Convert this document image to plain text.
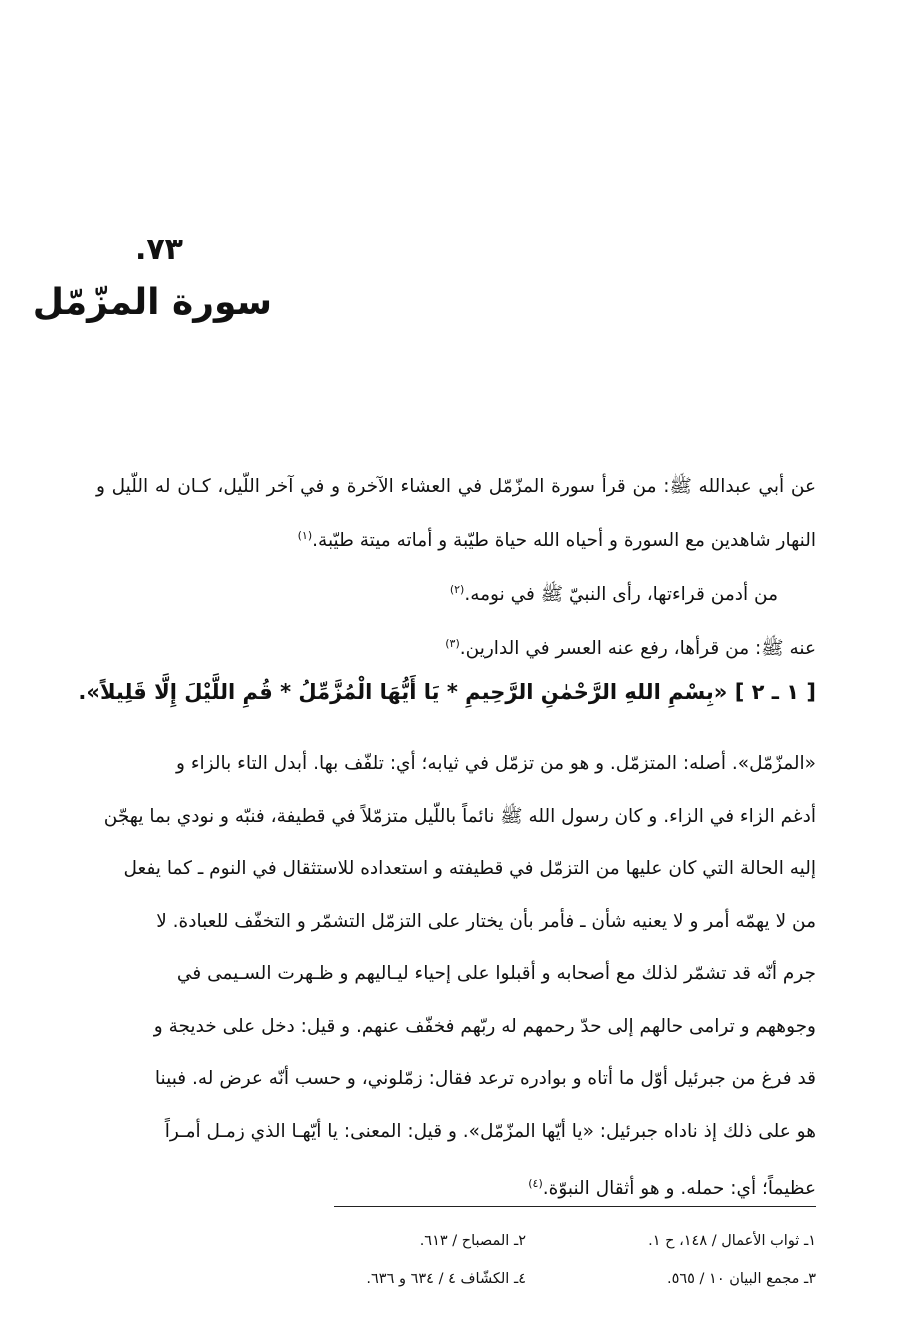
٧٣.
سورة المزّمّل

عن أبي عبدالله ﷺ: من قرأ سورة المزّمّل في العشاء الآخرة و في آخر اللّيل، كـان له اللّيل و النهار شاهدين مع السورة و أحياه الله حياة طيّبة و أماته ميتة طيّبة.$^{(١)}$

من أدمن قراءتها، رأى النبيّ ﷺ في نومه.$^{(٢)}$

عنه ﷺ: من قرأها، رفع عنه العسر في الدارين.$^{(٣)}$

[ ١ ـ ٢ ] «بِسْمِ اللهِ الرَّحْمٰنِ الرَّحِيمِ * يَا أَيُّهَا الْمُزَّمِّلُ * قُمِ اللَّيْلَ إِلَّا قَلِيلاً».
«المزّمّل». أصله: المتزمّل. و هو من تزمّل في ثيابه؛ أي: تلفّف بها. أبدل التاء بالزاء و
أدغم الزاء في الزاء. و كان رسول الله ﷺ نائماً باللّيل متزمّلاً في قطيفة، فنبّه و نودي بما يهجّن
إليه الحالة التي كان عليها من التزمّل في قطيفته و استعداده للاستثقال في النوم ـ كما يفعل
من لا يهمّه أمر و لا يعنيه شأن ـ فأمر بأن يختار على التزمّل التشمّر و التخفّف للعبادة. لا
جرم أنّه قد تشمّر لذلك مع أصحابه و أقبلوا على إحياء ليـاليهم و ظـهرت السـيمى في
وجوههم و ترامى حالهم إلى حدّ رحمهم له ربّهم فخفّف عنهم. و قيل: دخل على خديجة و
قد فرغ من جبرئيل أوّل ما أتاه و بوادره ترعد فقال: زمّلوني، و حسب أنّه عرض له. فبينا
هو على ذلك إذ ناداه جبرئيل: «يا أيّها المزّمّل». و قيل: المعنى: يا أيّهـا الذي زمـل أمـراً
عظيماً؛ أي: حمله. و هو أثقال النبوّة.$^{(٤)}$
١ـ ثواب الأعمال / ١٤٨، ح ١.
٢ـ المصباح / ٦١٣.
٣ـ مجمع البيان ١٠ / ٥٦٥.
٤ـ الكشّاف ٤ / ٦٣٤ و ٦٣٦.
